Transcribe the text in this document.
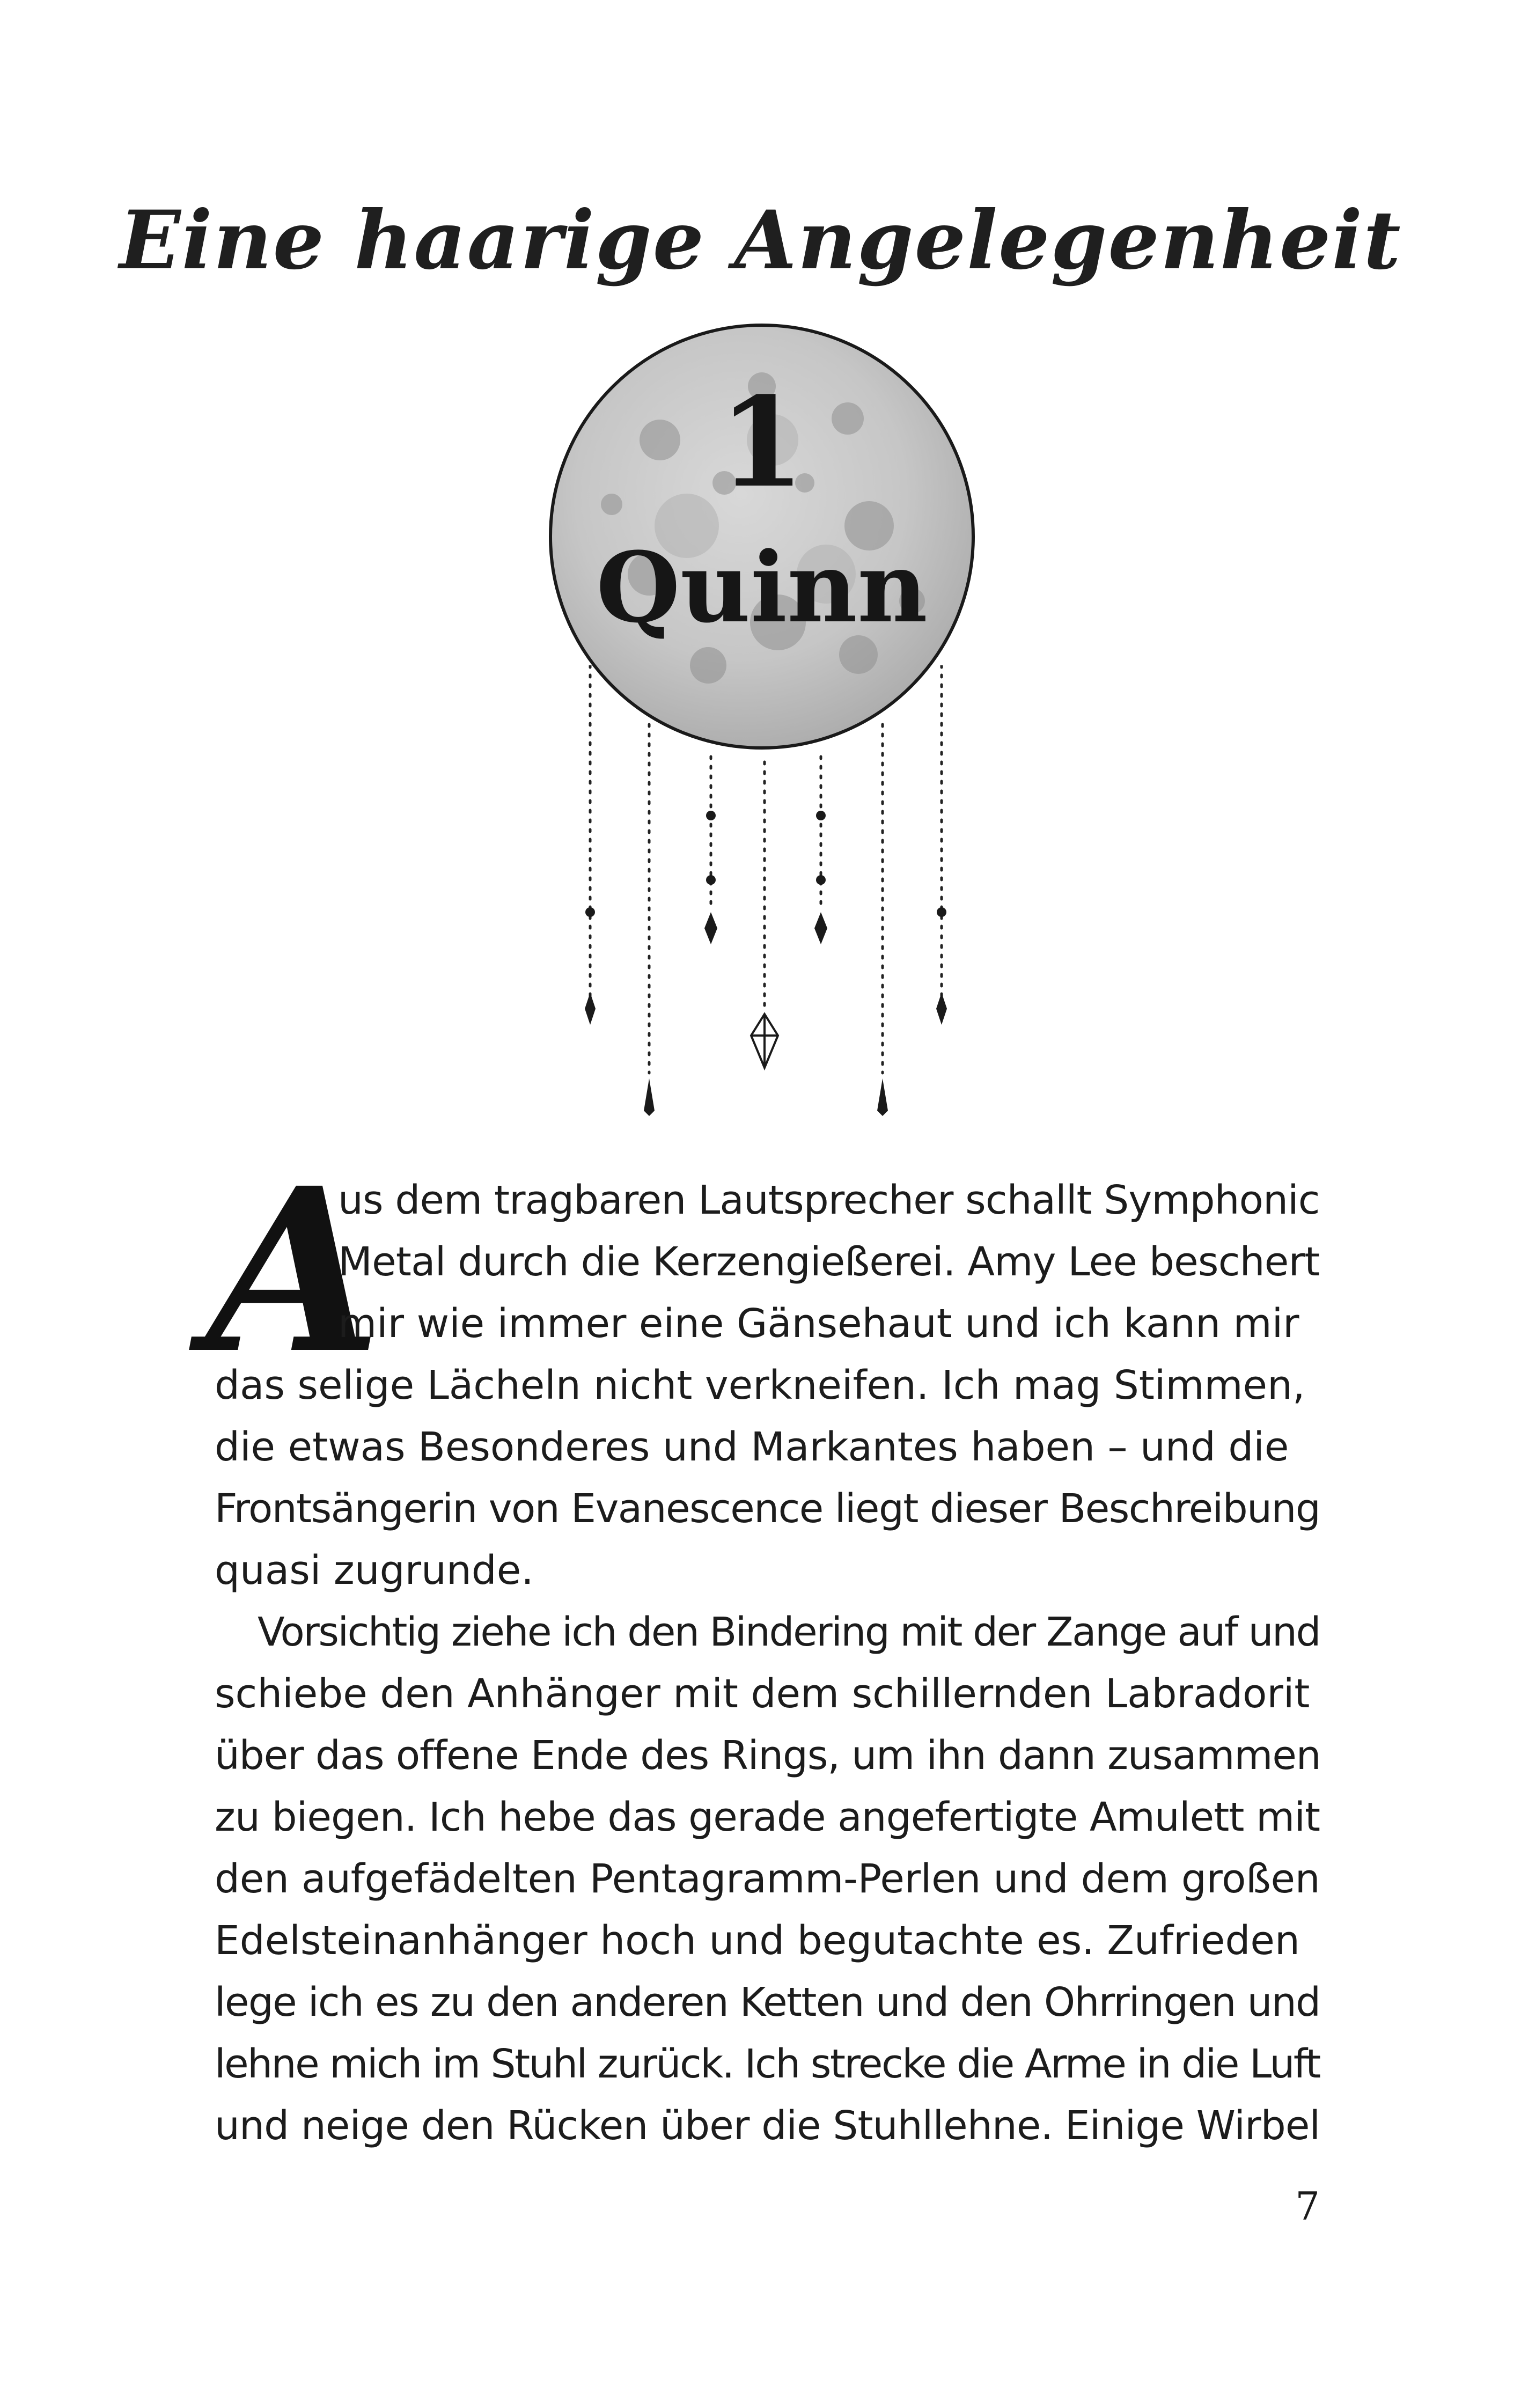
Eine haarige Angelegenheit
1
Quinn
A
us dem tragbaren Lautsprecher schallt Symphonic
Metal durch die Kerzengießerei. Amy Lee beschert
mir wie immer eine Gänsehaut und ich kann mir
das selige Lächeln nicht verkneifen. Ich mag Stimmen,
die etwas Besonderes und Markantes haben – und die
Frontsängerin von Evanescence liegt dieser Beschreibung
quasi zugrunde.
Vorsichtig ziehe ich den Bindering mit der Zange auf und
schiebe den Anhänger mit dem schillernden Labradorit
über das offene Ende des Rings, um ihn dann zusammen
zu biegen. Ich hebe das gerade angefertigte Amulett mit
den aufgefädelten Pentagramm-Perlen und dem großen
Edelsteinanhänger hoch und begutachte es. Zufrieden
lege ich es zu den anderen Ketten und den Ohrringen und
lehne mich im Stuhl zurück. Ich strecke die Arme in die Luft
und neige den Rücken über die Stuhllehne. Einige Wirbel
7
